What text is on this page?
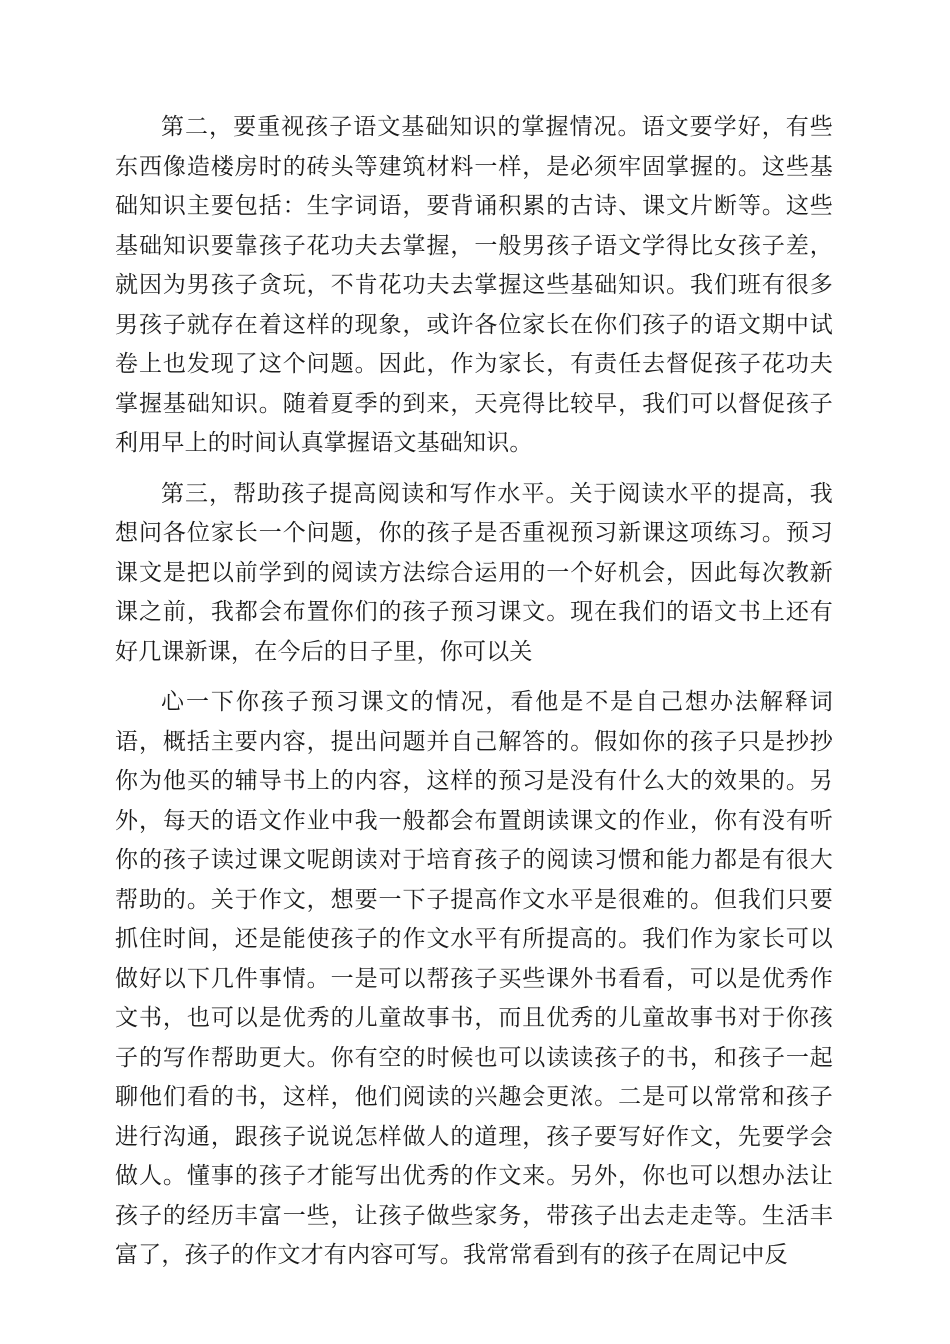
第二，要重视孩子语文基础知识的掌握情况。语文要学好，有些东西像造楼房时的砖头等建筑材料一样，是必须牢固掌握的。这些基础知识主要包括：生字词语，要背诵积累的古诗、课文片断等。这些基础知识要靠孩子花功夫去掌握，一般男孩子语文学得比女孩子差，就因为男孩子贪玩，不肯花功夫去掌握这些基础知识。我们班有很多男孩子就存在着这样的现象，或许各位家长在你们孩子的语文期中试卷上也发现了这个问题。因此，作为家长，有责任去督促孩子花功夫掌握基础知识。随着夏季的到来，天亮得比较早，我们可以督促孩子利用早上的时间认真掌握语文基础知识。

第三，帮助孩子提高阅读和写作水平。关于阅读水平的提高，我想问各位家长一个问题，你的孩子是否重视预习新课这项练习。预习课文是把以前学到的阅读方法综合运用的一个好机会，因此每次教新课之前，我都会布置你们的孩子预习课文。现在我们的语文书上还有好几课新课，在今后的日子里，你可以关

心一下你孩子预习课文的情况，看他是不是自己想办法解释词语，概括主要内容，提出问题并自己解答的。假如你的孩子只是抄抄你为他买的辅导书上的内容，这样的预习是没有什么大的效果的。另外，每天的语文作业中我一般都会布置朗读课文的作业，你有没有听你的孩子读过课文呢朗读对于培育孩子的阅读习惯和能力都是有很大帮助的。关于作文，想要一下子提高作文水平是很难的。但我们只要抓住时间，还是能使孩子的作文水平有所提高的。我们作为家长可以做好以下几件事情。一是可以帮孩子买些课外书看看，可以是优秀作文书，也可以是优秀的儿童故事书，而且优秀的儿童故事书对于你孩子的写作帮助更大。你有空的时候也可以读读孩子的书，和孩子一起聊他们看的书，这样，他们阅读的兴趣会更浓。二是可以常常和孩子进行沟通，跟孩子说说怎样做人的道理，孩子要写好作文，先要学会做人。懂事的孩子才能写出优秀的作文来。另外，你也可以想办法让孩子的经历丰富一些，让孩子做些家务，带孩子出去走走等。生活丰富了，孩子的作文才有内容可写。我常常看到有的孩子在周记中反
